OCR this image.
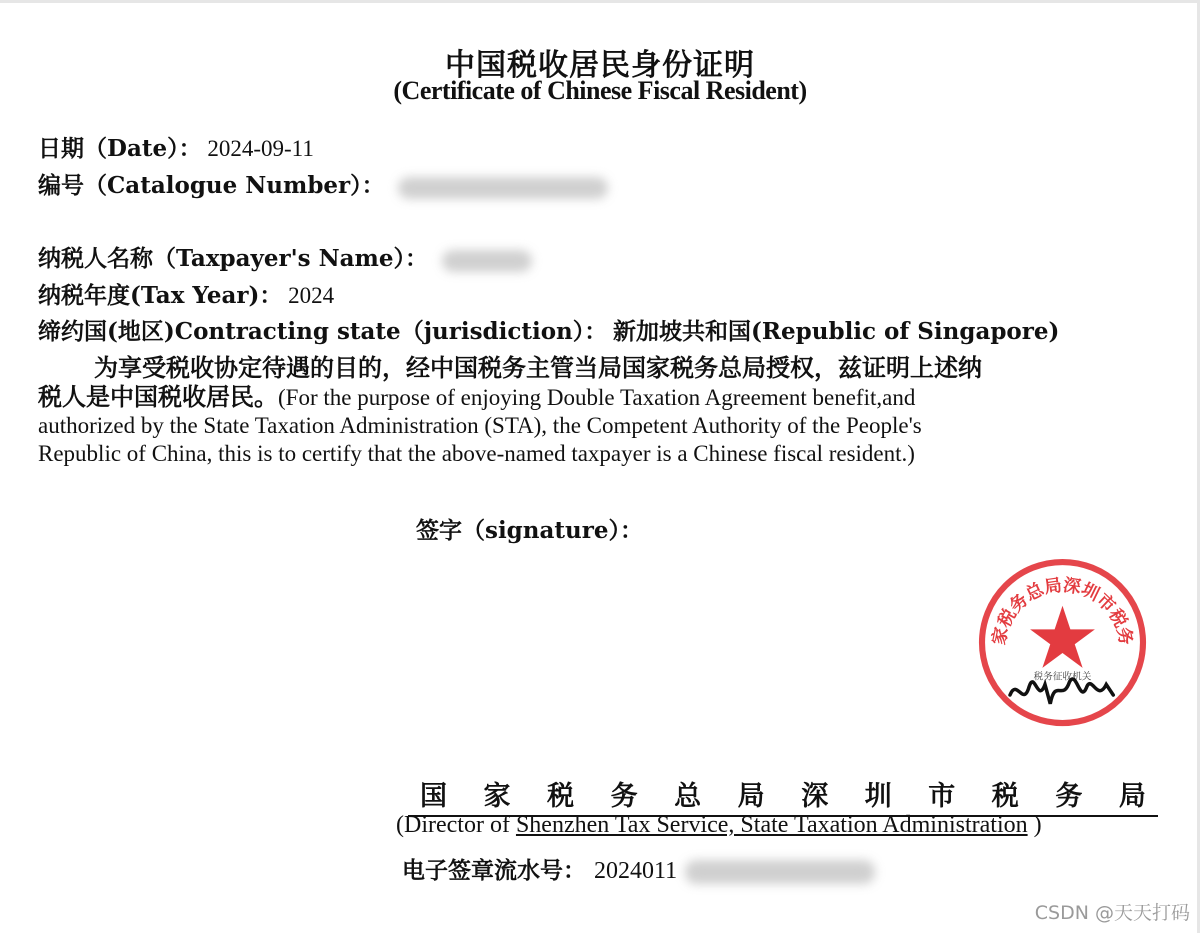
中国税收居民身份证明
(Certificate of Chinese Fiscal Resident)
日期（Date）： 2024-09-11
编号（Catalogue Number）：
纳税人名称（Taxpayer's Name）：
纳税年度(Tax Year)： 2024
缔约国(地区)Contracting state（jurisdiction）： 新加坡共和国(Republic of Singapore)
为享受税收协定待遇的目的，经中国税务主管当局国家税务总局授权，兹证明上述纳
税人是中国税收居民。(For the purpose of enjoying Double Taxation Agreement benefit,and
authorized by the State Taxation Administration (STA), the Competent Authority of the People's
Republic of China, this is to certify that the above-named taxpayer is a Chinese fiscal resident.)
签字（signature）：
家税务总局深圳市税务
税务征收机关
国 家 税 务 总 局 深 圳 市 税 务 局
(Director of Shenzhen Tax Service, State Taxation Administration )
电子签章流水号： 2024011
CSDN @天天打码
